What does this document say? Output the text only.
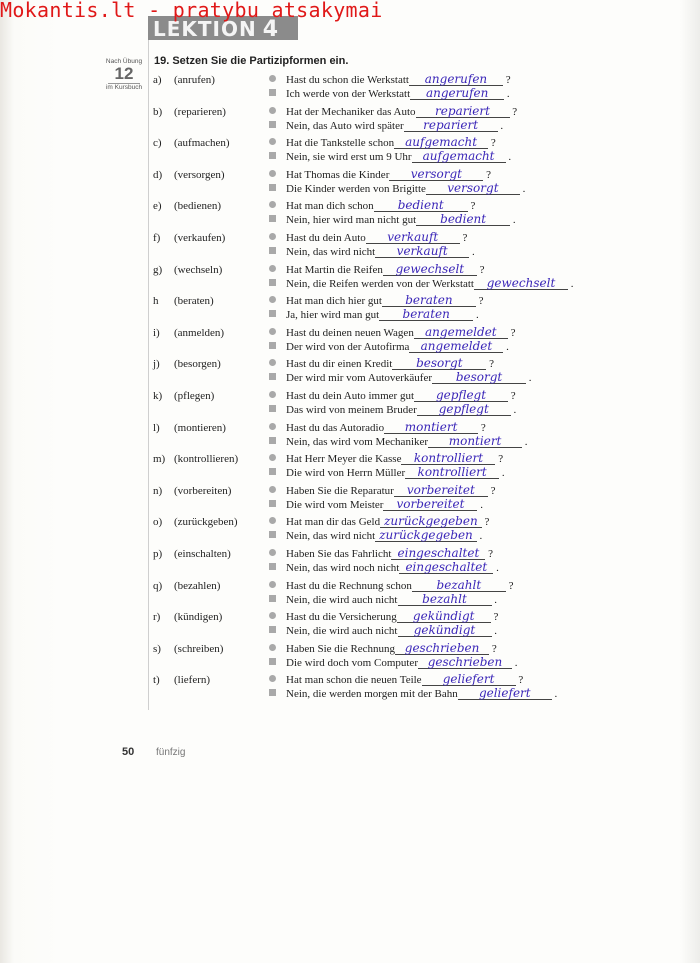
Mokantis.lt - pratybu atsakymai
LEKTION 4
Nach Übung
12
im Kursbuch
19. Setzen Sie die Partizipformen ein.
a) (anrufen)	Hast du schon die Werkstatt angerufen ?
Ich werde von der Werkstatt angerufen .
b) (reparieren)	Hat der Mechaniker das Auto repariert ?
Nein, das Auto wird später repariert .
c) (aufmachen)	Hat die Tankstelle schon aufgemacht ?
Nein, sie wird erst um 9 Uhr aufgemacht .
d) (versorgen)	Hat Thomas die Kinder versorgt ?
Die Kinder werden von Brigitte versorgt .
e) (bedienen)	Hat man dich schon bedient ?
Nein, hier wird man nicht gut bedient .
f) (verkaufen)	Hast du dein Auto verkauft ?
Nein, das wird nicht verkauft .
g) (wechseln)	Hat Martin die Reifen gewechselt ?
Nein, die Reifen werden von der Werkstatt gewechselt .
h (beraten)	Hat man dich hier gut beraten ?
Ja, hier wird man gut beraten .
i) (anmelden)	Hast du deinen neuen Wagen angemeldet ?
Der wird von der Autofirma angemeldet .
j) (besorgen)	Hast du dir einen Kredit besorgt ?
Der wird mir vom Autoverkäufer besorgt .
k) (pflegen)	Hast du dein Auto immer gut gepflegt ?
Das wird von meinem Bruder gepflegt .
l) (montieren)	Hast du das Autoradio montiert ?
Nein, das wird vom Mechaniker montiert .
m) (kontrollieren)	Hat Herr Meyer die Kasse kontrolliert ?
Die wird von Herrn Müller kontrolliert .
n) (vorbereiten)	Haben Sie die Reparatur vorbereitet ?
Die wird vom Meister vorbereitet .
o) (zurückgeben)	Hat man dir das Geld zurückgegeben ?
Nein, das wird nicht zurückgegeben .
p) (einschalten)	Haben Sie das Fahrlicht eingeschaltet ?
Nein, das wird noch nicht eingeschaltet .
q) (bezahlen)	Hast du die Rechnung schon bezahlt ?
Nein, die wird auch nicht bezahlt .
r) (kündigen)	Hast du die Versicherung gekündigt ?
Nein, die wird auch nicht gekündigt .
s) (schreiben)	Haben Sie die Rechnung geschrieben ?
Die wird doch vom Computer geschrieben .
t) (liefern)	Hat man schon die neuen Teile geliefert ?
Nein, die werden morgen mit der Bahn geliefert .
50 fünfzig
